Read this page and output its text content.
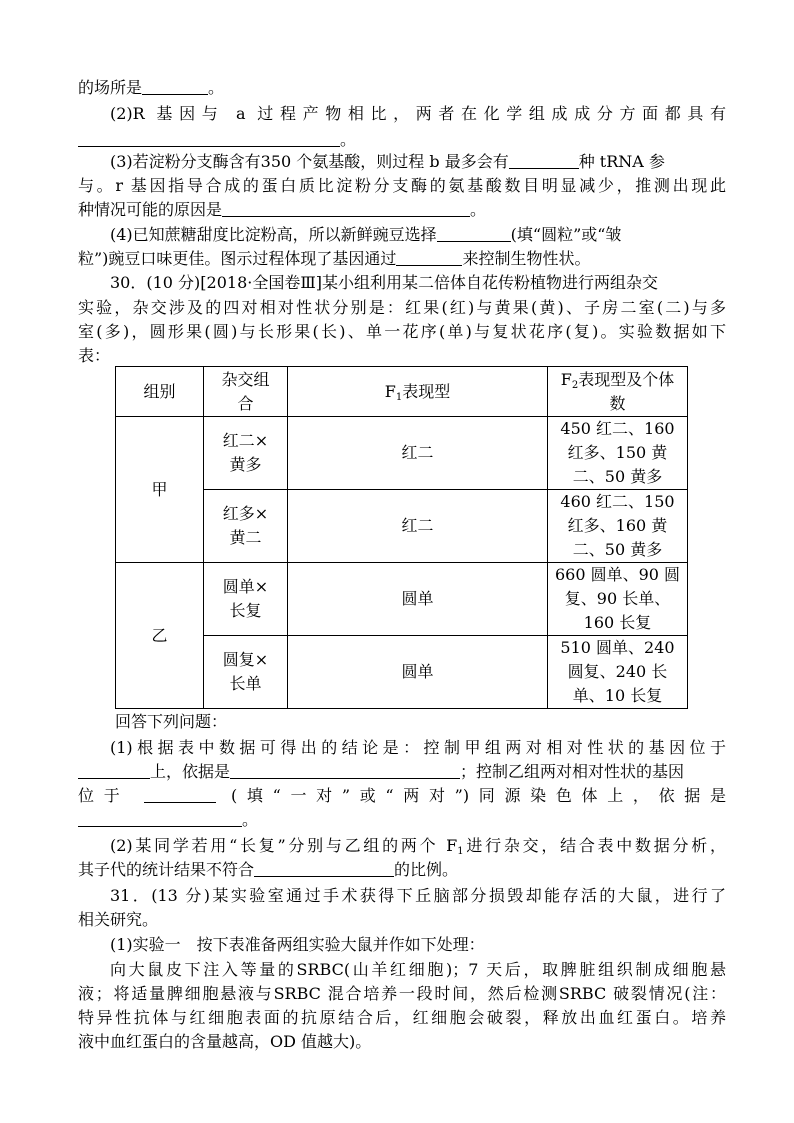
的场所是	。
(2)R 基因与 a 过程产物相比，两者在化学组成成分方面都具有
。
(3)若淀粉分支酶含有350 个氨基酸，则过程 b 最多会有	种 tRNA 参
与。r 基因指导合成的蛋白质比淀粉分支酶的氨基酸数目明显减少，推测出现此
种情况可能的原因是	。
(4)已知蔗糖甜度比淀粉高，所以新鲜豌豆选择	(填“圆粒”或“皱
粒”)豌豆口味更佳。图示过程体现了基因通过	来控制生物性状。
30．(10 分)[2018·全国卷Ⅲ]某小组利用某二倍体自花传粉植物进行两组杂交
实验，杂交涉及的四对相对性状分别是：红果(红)与黄果(黄)、子房二室(二)与多
室(多)，圆形果(圆)与长形果(长)、单一花序(单)与复状花序(复)。实验数据如下
表：
组别	杂交组合	$F_1$表现型	$F_2$表现型及个体数

甲	红二×黄多	红二	450 红二、160 红多、150 黄二、50 黄多

	红多×黄二	红二	460 红二、150 红多、160 黄二、50 黄多

乙	圆单×长复	圆单	660 圆单、90 圆复、90 长单、160 长复

	圆复×长单	圆单	510 圆单、240 圆复、240 长单、10 长复
回答下列问题：
(1)根据表中数据可得出的结论是：控制甲组两对相对性状的基因位于
上，依据是	；控制乙组两对相对性状的基因
位于	(填“一对”或“两对”)同源染色体上，依据是
。
(2)某同学若用“长复”分别与乙组的两个 $F_1$进行杂交，结合表中数据分析，
其子代的统计结果不符合	的比例。
31．(13 分)某实验室通过手术获得下丘脑部分损毁却能存活的大鼠，进行了
相关研究。
(1)实验一　按下表准备两组实验大鼠并作如下处理：
向大鼠皮下注入等量的SRBC(山羊红细胞)；7 天后，取脾脏组织制成细胞悬
液；将适量脾细胞悬液与SRBC 混合培养一段时间，然后检测SRBC 破裂情况(注：
特异性抗体与红细胞表面的抗原结合后，红细胞会破裂，释放出血红蛋白。培养
液中血红蛋白的含量越高，OD 值越大)。
